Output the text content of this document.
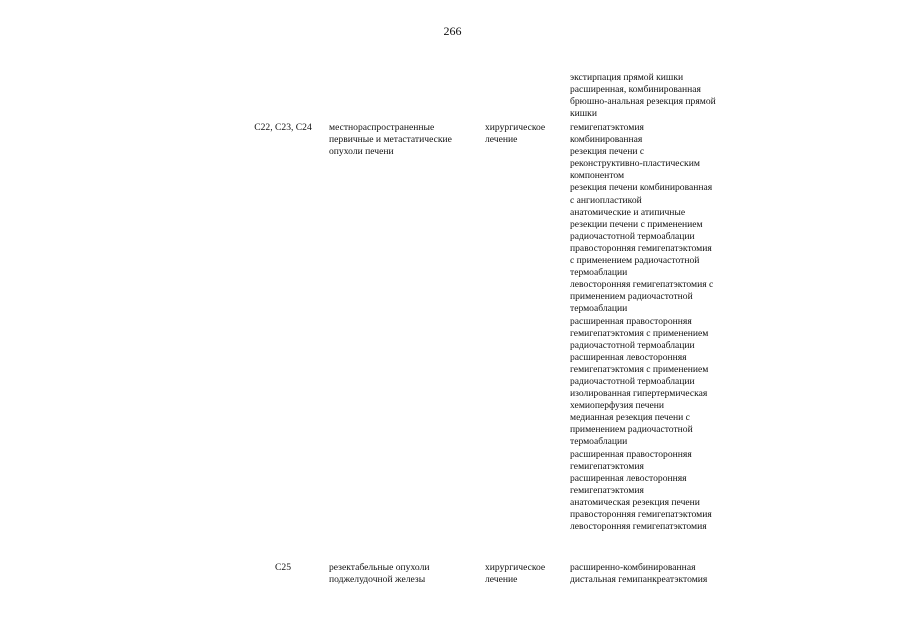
266
экстирпация прямой кишки
расширенная, комбинированная
брюшно-анальная резекция прямой
кишки
C22, C23, C24	местнораспространенные
первичные и метастатические
опухоли печени
хирургическое
лечение
гемигепатэктомия
комбинированная
резекция печени с
реконструктивно-пластическим
компонентом
резекция печени комбинированная
с ангиопластикой
анатомические и атипичные
резекции печени с применением
радиочастотной термоаблации
правосторонняя гемигепатэктомия
с применением радиочастотной
термоаблации
левосторонняя гемигепатэктомия с
применением радиочастотной
термоаблации
расширенная правосторонняя
гемигепатэктомия с применением
радиочастотной термоаблации
расширенная левосторонняя
гемигепатэктомия с применением
радиочастотной термоаблации
изолированная гипертермическая
хемиоперфузия печени
медианная резекция печени с
применением радиочастотной
термоаблации
расширенная правосторонняя
гемигепатэктомия
расширенная левосторонняя
гемигепатэктомия
анатомическая резекция печени
правосторонняя гемигепатэктомия
левосторонняя гемигепатэктомия
C25	резектабельные опухоли
поджелудочной железы
хирургическое
лечение
расширенно-комбинированная
дистальная гемипанкреатэктомия
